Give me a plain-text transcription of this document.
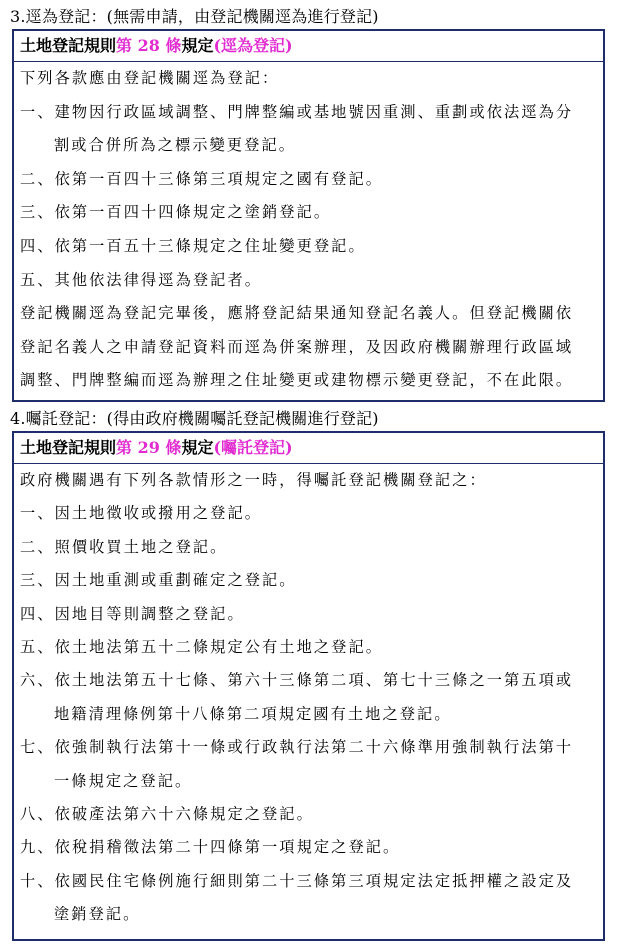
3.逕為登記：(無需申請，由登記機關逕為進行登記)
土地登記規則第 28 條規定(逕為登記)
下列各款應由登記機關逕為登記：
一、建物因行政區域調整、門牌整編或基地號因重測、重劃或依法逕為分
割或合併所為之標示變更登記。
二、依第一百四十三條第三項規定之國有登記。
三、依第一百四十四條規定之塗銷登記。
四、依第一百五十三條規定之住址變更登記。
五、其他依法律得逕為登記者。
登記機關逕為登記完畢後，應將登記結果通知登記名義人。但登記機關依
登記名義人之申請登記資料而逕為併案辦理，及因政府機關辦理行政區域
調整、門牌整編而逕為辦理之住址變更或建物標示變更登記，不在此限。
4.囑託登記：(得由政府機關囑託登記機關進行登記)
土地登記規則第 29 條規定(囑託登記)
政府機關遇有下列各款情形之一時，得囑託登記機關登記之：
一、因土地徵收或撥用之登記。
二、照價收買土地之登記。
三、因土地重測或重劃確定之登記。
四、因地目等則調整之登記。
五、依土地法第五十二條規定公有土地之登記。
六、依土地法第五十七條、第六十三條第二項、第七十三條之一第五項或
地籍清理條例第十八條第二項規定國有土地之登記。
七、依強制執行法第十一條或行政執行法第二十六條準用強制執行法第十
一條規定之登記。
八、依破產法第六十六條規定之登記。
九、依稅捐稽徵法第二十四條第一項規定之登記。
十、依國民住宅條例施行細則第二十三條第三項規定法定抵押權之設定及
塗銷登記。
